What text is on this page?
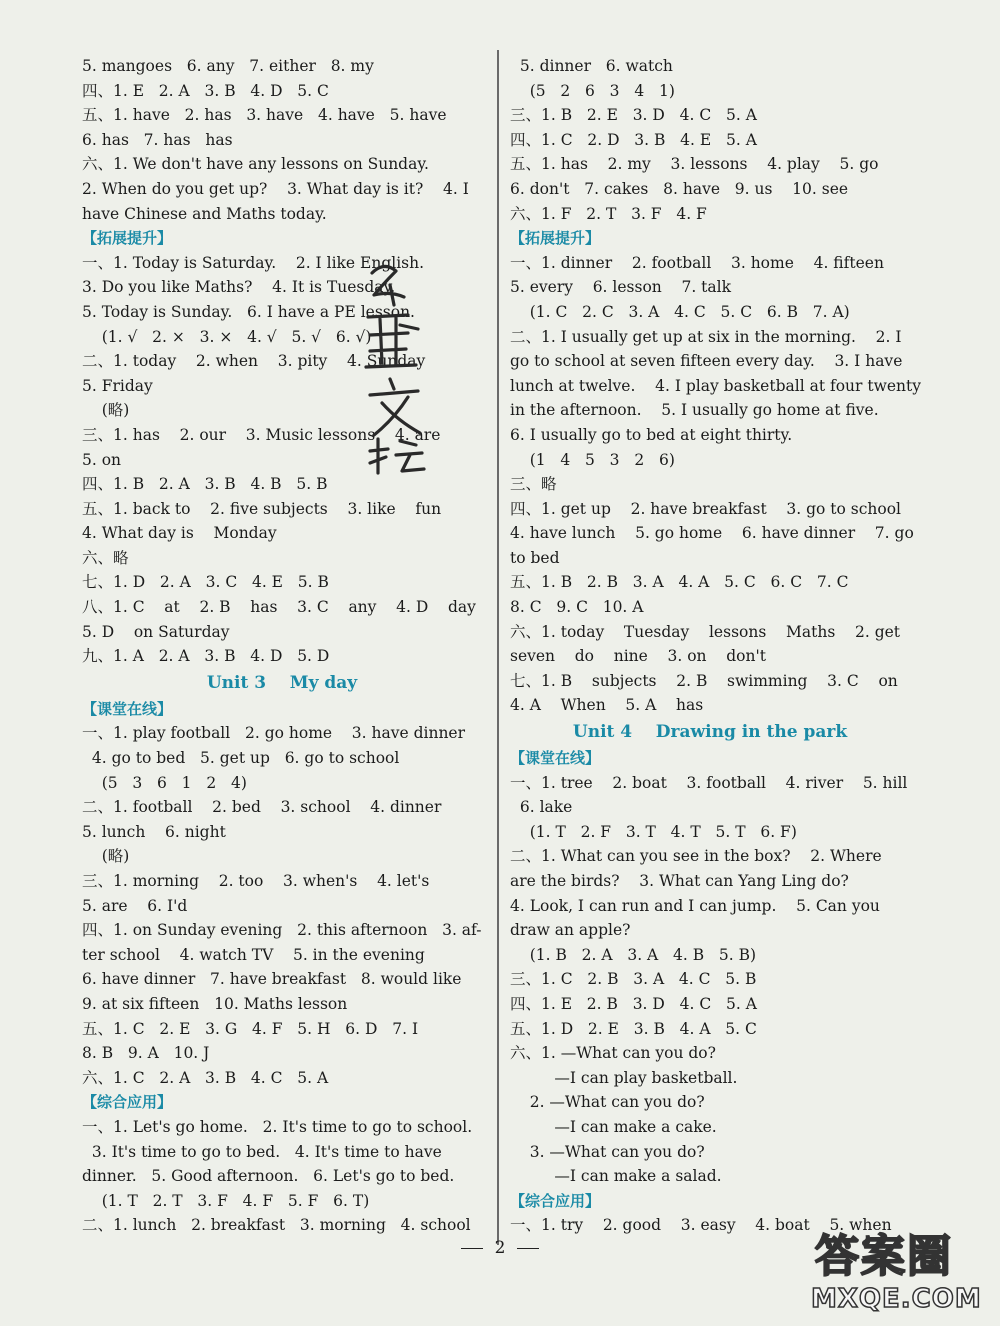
5. mangoes   6. any   7. either   8. my
四、1. E   2. A   3. B   4. D   5. C
五、1. have   2. has   3. have   4. have   5. have
6. has   7. has   has
六、1. We don't have any lessons on Sunday.
2. When do you get up?    3. What day is it?    4. I
have Chinese and Maths today.
【拓展提升】
一、1. Today is Saturday.    2. I like English.
3. Do you like Maths?    4. It is Tuesday.
5. Today is Sunday.   6. I have a PE lesson.
(1. √   2. ×   3. ×   4. √   5. √   6. √)
二、1. today    2. when    3. pity    4. Sunday
5. Friday
(略)
三、1. has    2. our    3. Music lessons    4. are
5. on
四、1. B   2. A   3. B   4. B   5. B
五、1. back to    2. five subjects    3. like    fun
4. What day is    Monday
六、略
七、1. D   2. A   3. C   4. E   5. B
八、1. C    at    2. B    has    3. C    any    4. D    day
5. D    on Saturday
九、1. A   2. A   3. B   4. D   5. D
Unit 3    My day
【课堂在线】
一、1. play football   2. go home    3. have dinner
4. go to bed   5. get up   6. go to school
(5   3   6   1   2   4)
二、1. football    2. bed    3. school    4. dinner
5. lunch    6. night
(略)
三、1. morning    2. too    3. when's    4. let's
5. are    6. I'd
四、1. on Sunday evening   2. this afternoon   3. af-
ter school    4. watch TV    5. in the evening
6. have dinner   7. have breakfast   8. would like
9. at six fifteen   10. Maths lesson
五、1. C   2. E   3. G   4. F   5. H   6. D   7. I
8. B   9. A   10. J
六、1. C   2. A   3. B   4. C   5. A
【综合应用】
一、1. Let's go home.   2. It's time to go to school.
3. It's time to go to bed.   4. It's time to have
dinner.   5. Good afternoon.   6. Let's go to bed.
(1. T   2. T   3. F   4. F   5. F   6. T)
二、1. lunch   2. breakfast   3. morning   4. school
5. dinner   6. watch
(5   2   6   3   4   1)
三、1. B   2. E   3. D   4. C   5. A
四、1. C   2. D   3. B   4. E   5. A
五、1. has    2. my    3. lessons    4. play    5. go
6. don't   7. cakes   8. have   9. us    10. see
六、1. F   2. T   3. F   4. F
【拓展提升】
一、1. dinner    2. football    3. home    4. fifteen
5. every    6. lesson    7. talk
(1. C   2. C   3. A   4. C   5. C   6. B   7. A)
二、1. I usually get up at six in the morning.    2. I
go to school at seven fifteen every day.    3. I have
lunch at twelve.    4. I play basketball at four twenty
in the afternoon.    5. I usually go home at five.
6. I usually go to bed at eight thirty.
(1   4   5   3   2   6)
三、略
四、1. get up    2. have breakfast    3. go to school
4. have lunch    5. go home    6. have dinner    7. go
to bed
五、1. B   2. B   3. A   4. A   5. C   6. C   7. C
8. C   9. C   10. A
六、1. today    Tuesday    lessons    Maths    2. get
seven    do    nine    3. on    don't
七、1. B    subjects    2. B    swimming    3. C    on
4. A    When    5. A    has
Unit 4    Drawing in the park
【课堂在线】
一、1. tree    2. boat    3. football    4. river    5. hill
6. lake
(1. T   2. F   3. T   4. T   5. T   6. F)
二、1. What can you see in the box?    2. Where
are the birds?    3. What can Yang Ling do?
4. Look, I can run and I can jump.    5. Can you
draw an apple?
(1. B   2. A   3. A   4. B   5. B)
三、1. C   2. B   3. A   4. C   5. B
四、1. E   2. B   3. D   4. C   5. A
五、1. D   2. E   3. B   4. A   5. C
六、1. —What can you do?
—I can play basketball.
2. —What can you do?
—I can make a cake.
3. —What can you do?
—I can make a salad.
【综合应用】
一、1. try    2. good    3. easy    4. boat    5. when
2	答案圈
MXQE.COM
